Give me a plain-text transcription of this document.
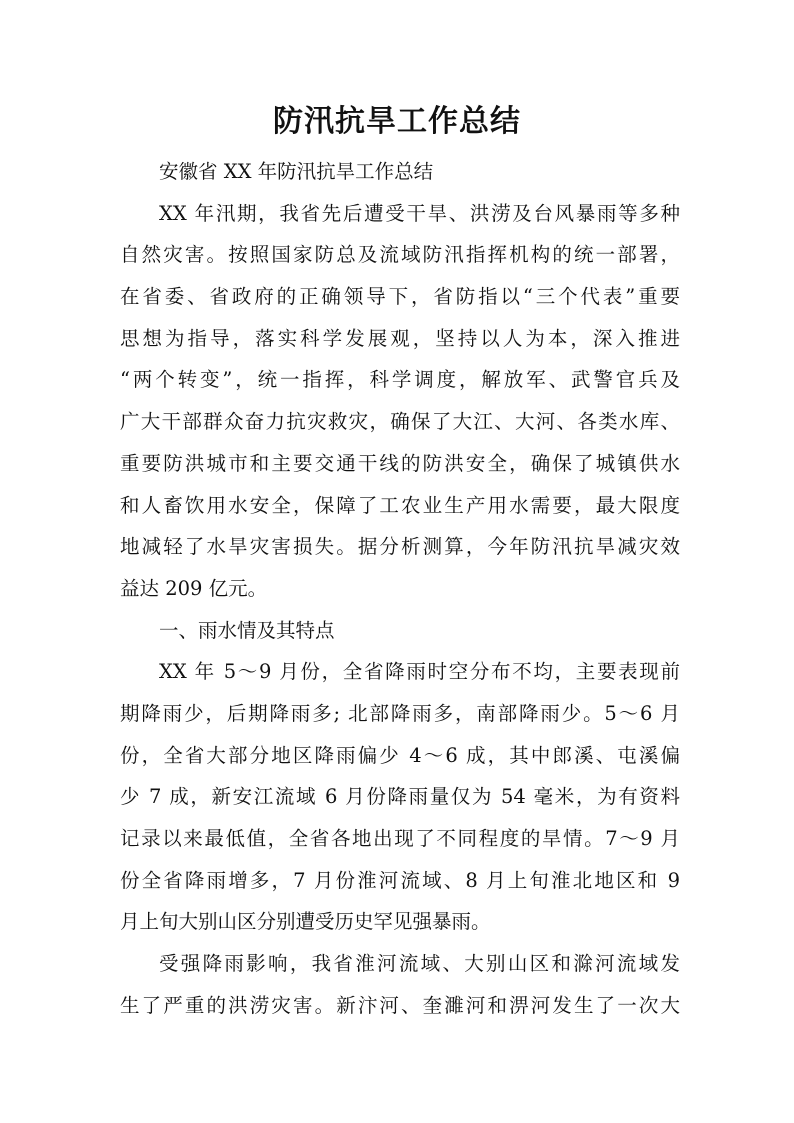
防汛抗旱工作总结
安徽省 XX 年防汛抗旱工作总结
XX 年汛期，我省先后遭受干旱、洪涝及台风暴雨等多种
自然灾害。按照国家防总及流域防汛指挥机构的统一部署，
在省委、省政府的正确领导下，省防指以“三个代表”重要
思想为指导，落实科学发展观，坚持以人为本，深入推进
“两个转变”，统一指挥，科学调度，解放军、武警官兵及
广大干部群众奋力抗灾救灾，确保了大江、大河、各类水库、
重要防洪城市和主要交通干线的防洪安全，确保了城镇供水
和人畜饮用水安全，保障了工农业生产用水需要，最大限度
地减轻了水旱灾害损失。据分析测算，今年防汛抗旱减灾效
益达 209 亿元。
一、雨水情及其特点
XX 年 5～9 月份，全省降雨时空分布不均，主要表现前
期降雨少，后期降雨多; 北部降雨多，南部降雨少。5～6 月
份，全省大部分地区降雨偏少 4～6 成，其中郎溪、屯溪偏
少 7 成，新安江流域 6 月份降雨量仅为 54 毫米，为有资料
记录以来最低值，全省各地出现了不同程度的旱情。7～9 月
份全省降雨增多，7 月份淮河流域、8 月上旬淮北地区和 9
月上旬大别山区分别遭受历史罕见强暴雨。
受强降雨影响，我省淮河流域、大别山区和滁河流域发
生了严重的洪涝灾害。新汴河、奎濉河和淠河发生了一次大
